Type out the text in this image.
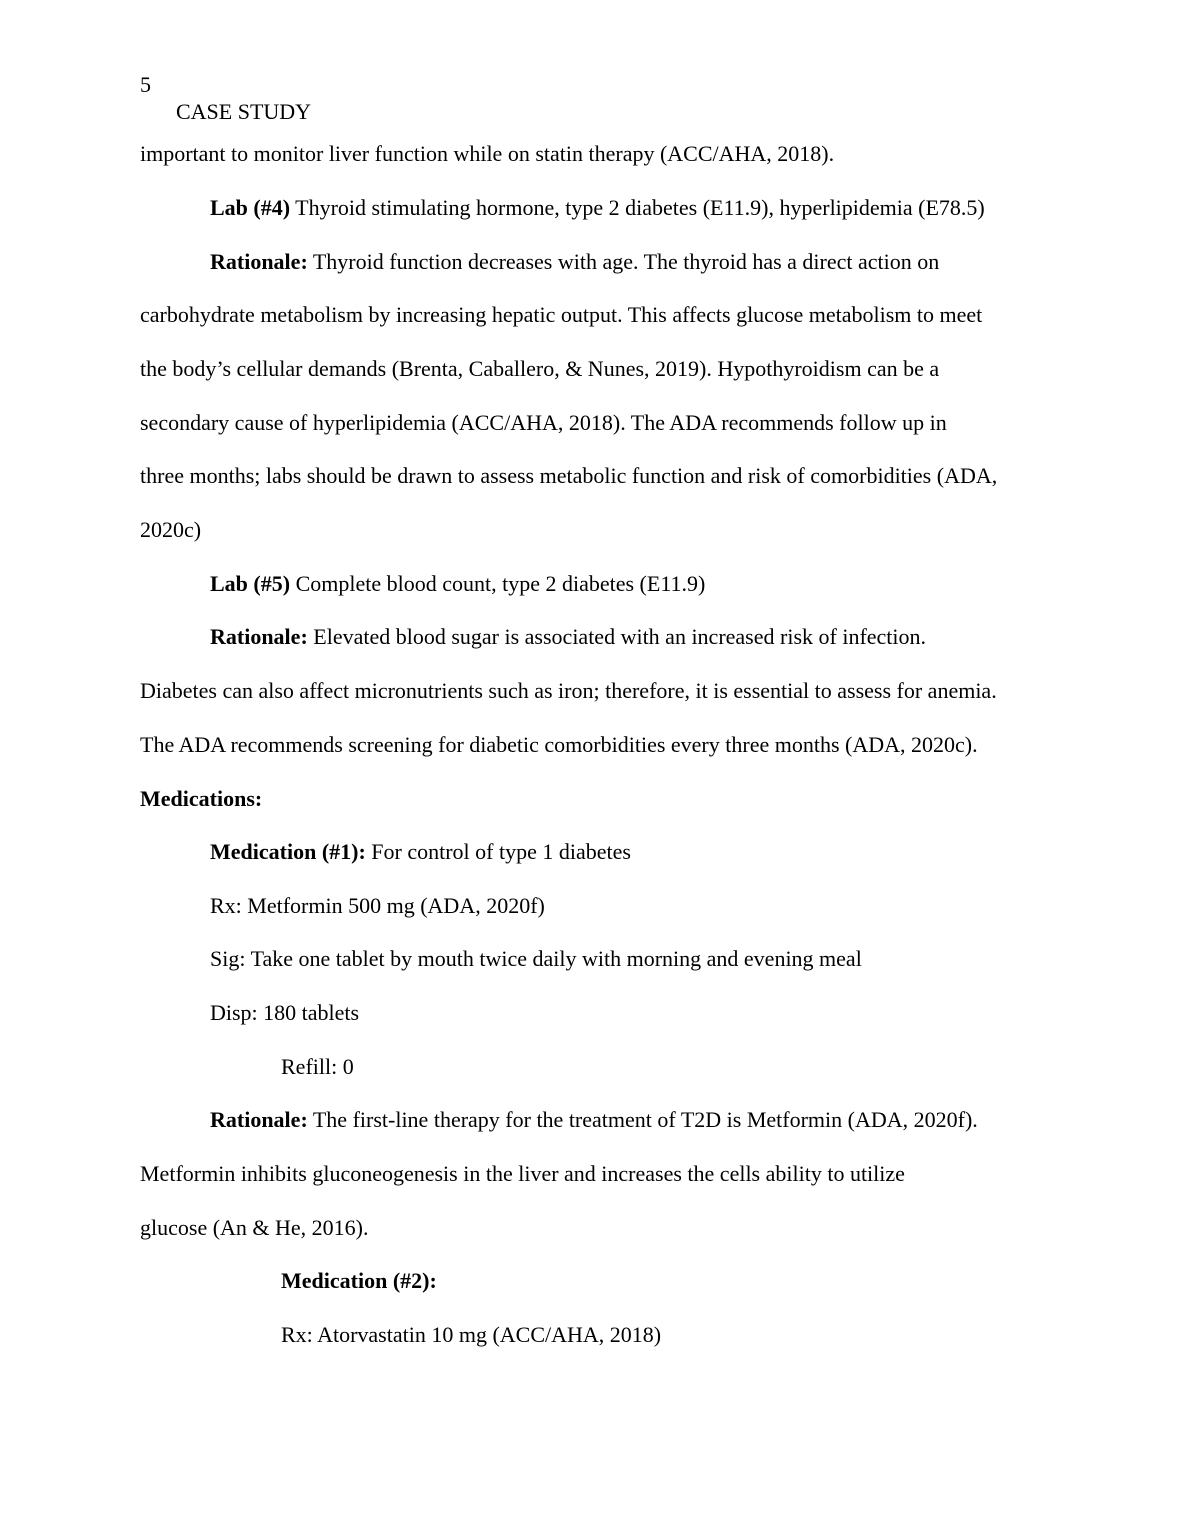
5
CASE STUDY
important to monitor liver function while on statin therapy (ACC/AHA, 2018).
Lab (#4) Thyroid stimulating hormone, type 2 diabetes (E11.9), hyperlipidemia (E78.5)
Rationale: Thyroid function decreases with age. The thyroid has a direct action on
carbohydrate metabolism by increasing hepatic output. This affects glucose metabolism to meet
the body’s cellular demands (Brenta, Caballero, & Nunes, 2019). Hypothyroidism can be a
secondary cause of hyperlipidemia (ACC/AHA, 2018). The ADA recommends follow up in
three months; labs should be drawn to assess metabolic function and risk of comorbidities (ADA,
2020c)
Lab (#5) Complete blood count, type 2 diabetes (E11.9)
Rationale: Elevated blood sugar is associated with an increased risk of infection.
Diabetes can also affect micronutrients such as iron; therefore, it is essential to assess for anemia.
The ADA recommends screening for diabetic comorbidities every three months (ADA, 2020c).
Medications:
Medication (#1): For control of type 1 diabetes
Rx: Metformin 500 mg (ADA, 2020f)
Sig: Take one tablet by mouth twice daily with morning and evening meal
Disp: 180 tablets
Refill: 0
Rationale: The first-line therapy for the treatment of T2D is Metformin (ADA, 2020f).
Metformin inhibits gluconeogenesis in the liver and increases the cells ability to utilize
glucose (An & He, 2016).
Medication (#2):
Rx: Atorvastatin 10 mg (ACC/AHA, 2018)
